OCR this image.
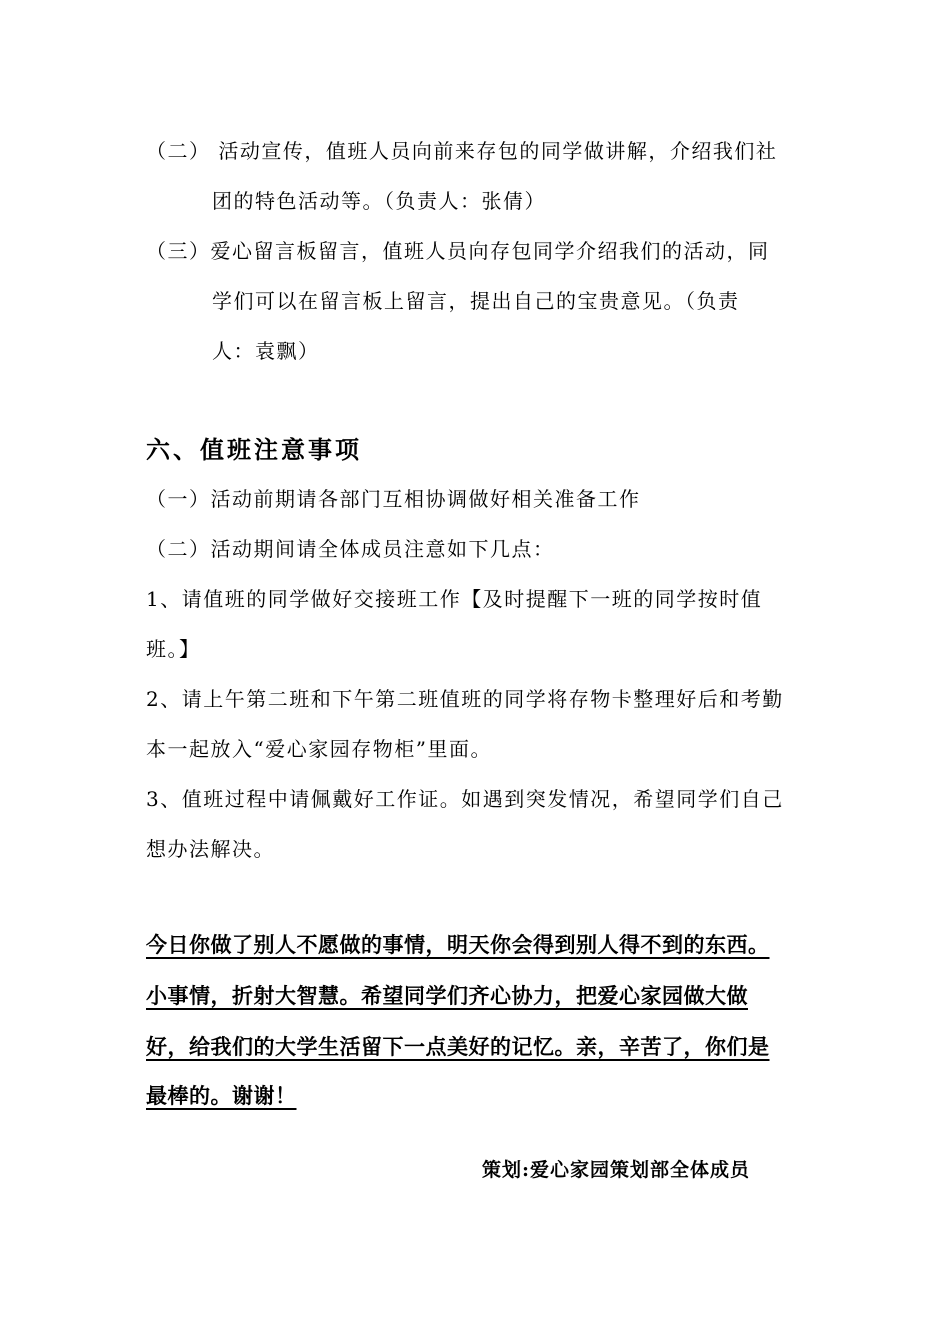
（二） 活动宣传，值班人员向前来存包的同学做讲解，介绍我们社
团的特色活动等。（负责人：张倩）
（三）爱心留言板留言，值班人员向存包同学介绍我们的活动，同
学们可以在留言板上留言，提出自己的宝贵意见。（负责
人：袁飘）
六、值班注意事项
（一）活动前期请各部门互相协调做好相关准备工作
（二）活动期间请全体成员注意如下几点：
1、请值班的同学做好交接班工作【及时提醒下一班的同学按时值
班。】
2、请上午第二班和下午第二班值班的同学将存物卡整理好后和考勤
本一起放入“爱心家园存物柜”里面。
3、值班过程中请佩戴好工作证。如遇到突发情况，希望同学们自己
想办法解决。
今日你做了别人不愿做的事情，明天你会得到别人得不到的东西。
小事情，折射大智慧。希望同学们齐心协力，把爱心家园做大做
好，给我们的大学生活留下一点美好的记忆。亲，辛苦了，你们是
最棒的。谢谢！
策划:爱心家园策划部全体成员
